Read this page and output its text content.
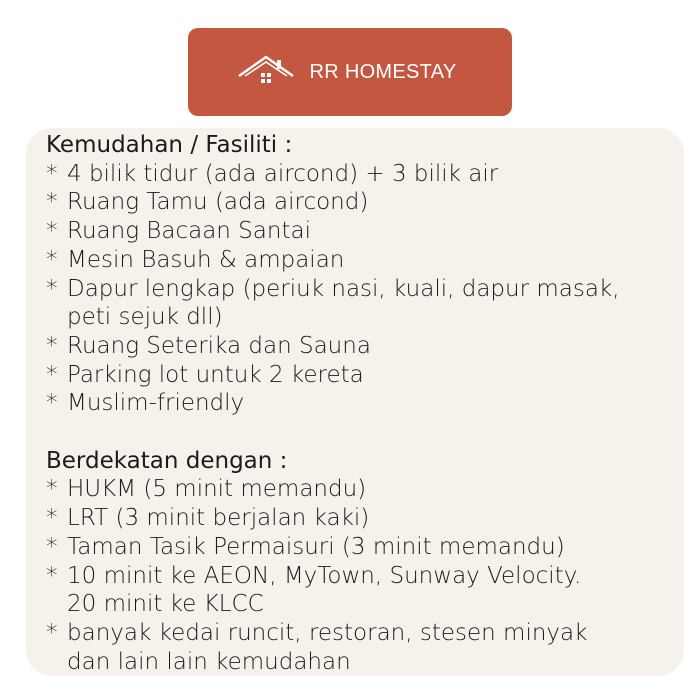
RR HOMESTAY
Kemudahan / Fasiliti :
* 4 bilik tidur (ada aircond) + 3 bilik air
* Ruang Tamu (ada aircond)
* Ruang Bacaan Santai
* Mesin Basuh & ampaian
* Dapur lengkap (periuk nasi, kuali, dapur masak,
peti sejuk dll)
* Ruang Seterika dan Sauna
* Parking lot untuk 2 kereta
* Muslim-friendly
Berdekatan dengan :
* HUKM (5 minit memandu)
* LRT (3 minit berjalan kaki)
* Taman Tasik Permaisuri (3 minit memandu)
* 10 minit ke AEON, MyTown, Sunway Velocity.
20 minit ke KLCC
* banyak kedai runcit, restoran, stesen minyak
dan lain lain kemudahan
